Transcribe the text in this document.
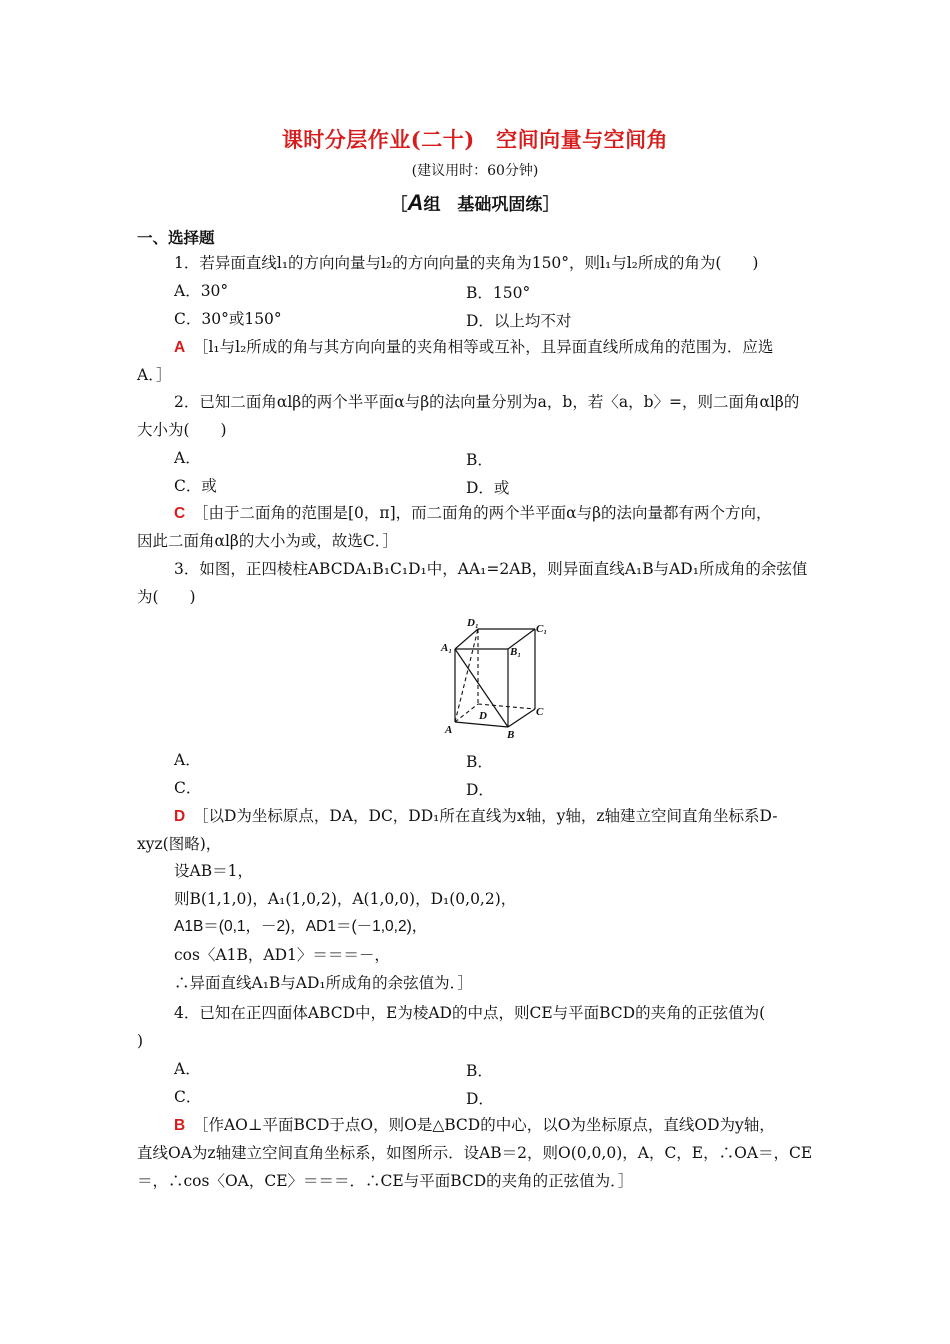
课时分层作业(二十)　空间向量与空间角
(建议用时：60分钟)
［A组　基础巩固练］
一、选择题
1．若异面直线l₁的方向向量与l₂的方向向量的夹角为150°，则l₁与l₂所成的角为(　　)
A．30°	B．150°
C．30°或150°	D．以上均不对
A　 ［l₁与l₂所成的角与其方向向量的夹角相等或互补，且异面直线所成角的范围为．应选
A．］
2．已知二面角αlβ的两个半平面α与β的法向量分别为a，b，若〈a，b〉=，则二面角αlβ的
大小为(　　)
A．	B．
C．或	D．或
C　 ［由于二面角的范围是[0，π]，而二面角的两个半平面α与β的法向量都有两个方向，
因此二面角αlβ的大小为或，故选C．］
3．如图，正四棱柱ABCDA₁B₁C₁D₁中，AA₁=2AB，则异面直线A₁B与AD₁所成角的余弦值
为(　　)
D₁	C₁
A₁	B₁
D	C
A	B
A．	B．
C．	D．
D　 ［以D为坐标原点，DA，DC，DD₁所在直线为x轴，y轴，z轴建立空间直角坐标系D-
xyz(图略)，
设AB＝1，
则B(1,1,0)，A₁(1,0,2)，A(1,0,0)，D₁(0,0,2)，
A1B＝(0,1，－2)，AD1＝(－1,0,2)，
cos〈A1B，AD1〉＝＝＝－，
∴异面直线A₁B与AD₁所成角的余弦值为．］
4．已知在正四面体ABCD中，E为棱AD的中点，则CE与平面BCD的夹角的正弦值为(
)
A．	B．
C．	D．
B　 ［作AO⊥平面BCD于点O，则O是△BCD的中心，以O为坐标原点，直线OD为y轴，
直线OA为z轴建立空间直角坐标系，如图所示．设AB＝2，则O(0,0,0)，A，C，E，∴OA＝，CE
＝，∴cos〈OA，CE〉＝＝＝．∴CE与平面BCD的夹角的正弦值为．］
